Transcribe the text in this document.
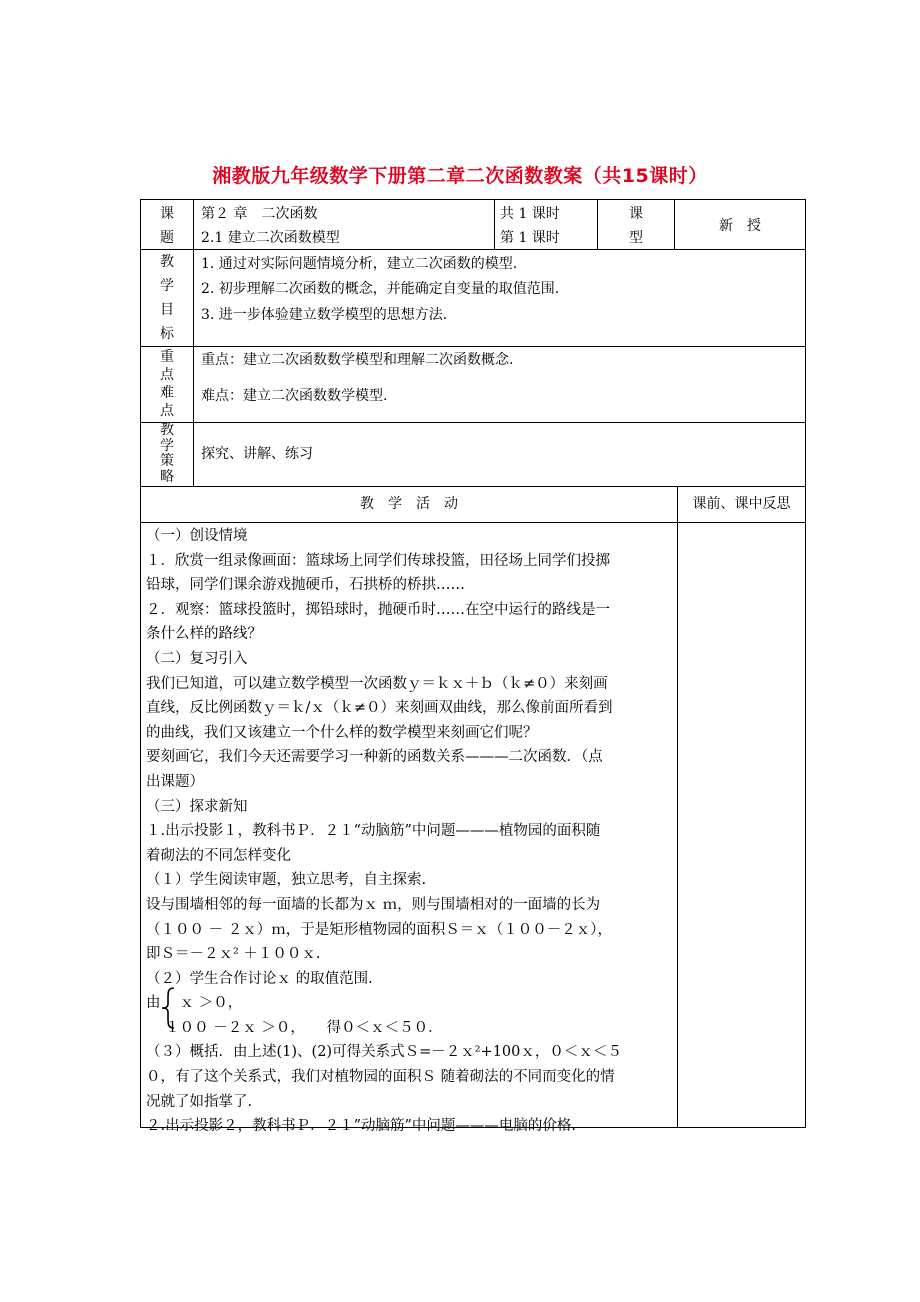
湘教版九年级数学下册第二章二次函数教案（共15课时）
课
题
第２ 章　二次函数
2.1 建立二次函数模型
共 1 课时
第 1 课时
课
型
新　授
教
学
目
标
1. 通过对实际问题情境分析，建立二次函数的模型.
2. 初步理解二次函数的概念，并能确定自变量的取值范围.
3. 进一步体验建立数学模型的思想方法.
重
点
难
点
重点：建立二次函数数学模型和理解二次函数概念.
难点：建立二次函数数学模型.
教
学
策
略
探究、讲解、练习
教　学　活　动	课前、课中反思

（一）创设情境

１．欣赏一组录像画面：篮球场上同学们传球投篮，田径场上同学们投掷

铅球，同学们课余游戏抛硬币，石拱桥的桥拱……

２．观察：篮球投篮时，掷铅球时，抛硬币时……在空中运行的路线是一

条什么样的路线？

（二）复习引入

我们已知道，可以建立数学模型一次函数ｙ＝ｋｘ＋ｂ（ｋ≠０）来刻画

直线，反比例函数ｙ＝ｋ/ｘ（ｋ≠０）来刻画双曲线，那么像前面所看到

的曲线，我们又该建立一个什么样的数学模型来刻画它们呢？

要刻画它，我们今天还需要学习一种新的函数关系———二次函数．（点

出课题）

（三）探求新知

１.出示投影１，教科书Ｐ．２１“动脑筋”中问题———植物园的面积随

着砌法的不同怎样变化

（１）学生阅读审题，独立思考，自主探索.

设与围墙相邻的每一面墙的长都为ｘ ｍ，则与围墙相对的一面墙的长为

（１００ － ２ｘ）ｍ，于是矩形植物园的面积Ｓ＝ｘ（１００－２ｘ），

即Ｓ＝－２ｘ² ＋１００ｘ.

（２）学生合作讨论ｘ 的取值范围.

由　 ｘ ＞０，

　 １００ －２ｘ ＞０，　　得０＜ｘ＜５０．

（３）概括．由上述(1)、(2)可得关系式Ｓ=－２ｘ²+100ｘ，０＜ｘ＜５

０，有了这个关系式，我们对植物园的面积Ｓ 随着砌法的不同而变化的情

况就了如指掌了.

２.出示投影２，教科书Ｐ．２１”动脑筋”中问题———电脑的价格.
